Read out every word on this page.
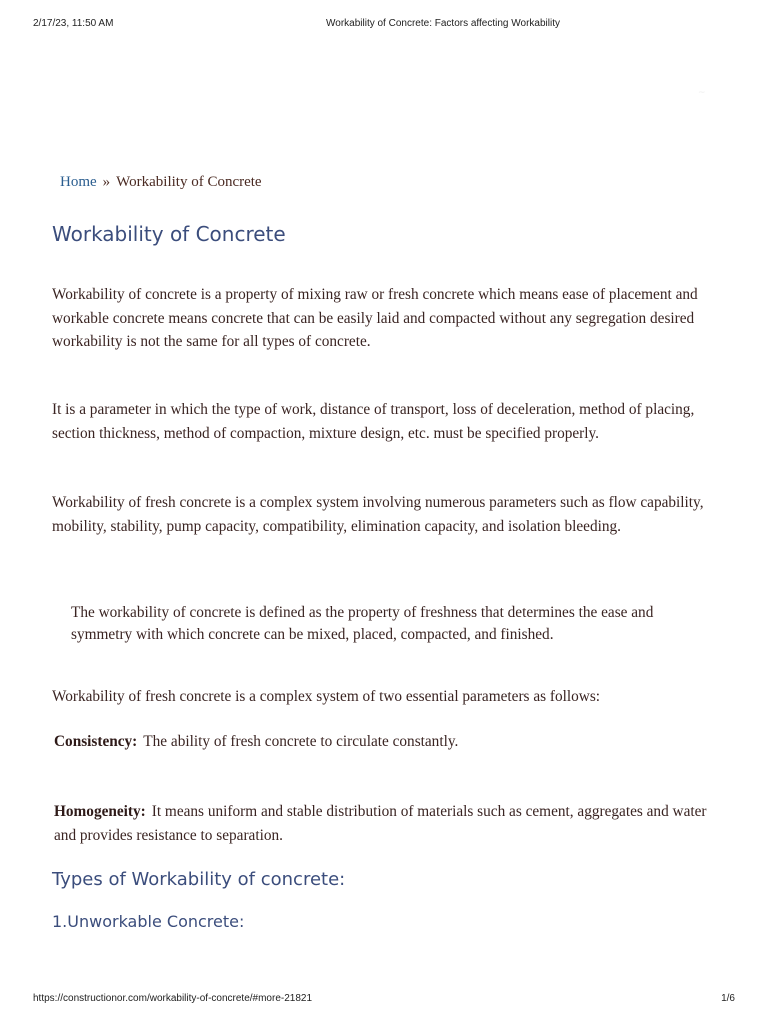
2/17/23, 11:50 AM	Workability of Concrete: Factors affecting Workability
~
Home » Workability of Concrete
Workability of Concrete

Workability of concrete is a property of mixing raw or fresh concrete which means ease of placement and workable concrete means concrete that can be easily laid and compacted without any segregation desired workability is not the same for all types of concrete.

It is a parameter in which the type of work, distance of transport, loss of deceleration, method of placing, section thickness, method of compaction, mixture design, etc. must be specified properly.

Workability of fresh concrete is a complex system involving numerous parameters such as flow capability, mobility, stability, pump capacity, compatibility, elimination capacity, and isolation bleeding.

The workability of concrete is defined as the property of freshness that determines the ease and symmetry with which concrete can be mixed, placed, compacted, and finished.

Workability of fresh concrete is a complex system of two essential parameters as follows:

Consistency: The ability of fresh concrete to circulate constantly.

Homogeneity: It means uniform and stable distribution of materials such as cement, aggregates and water and provides resistance to separation.

Types of Workability of concrete:
1.Unworkable Concrete:
https://constructionor.com/workability-of-concrete/#more-21821	1/6
